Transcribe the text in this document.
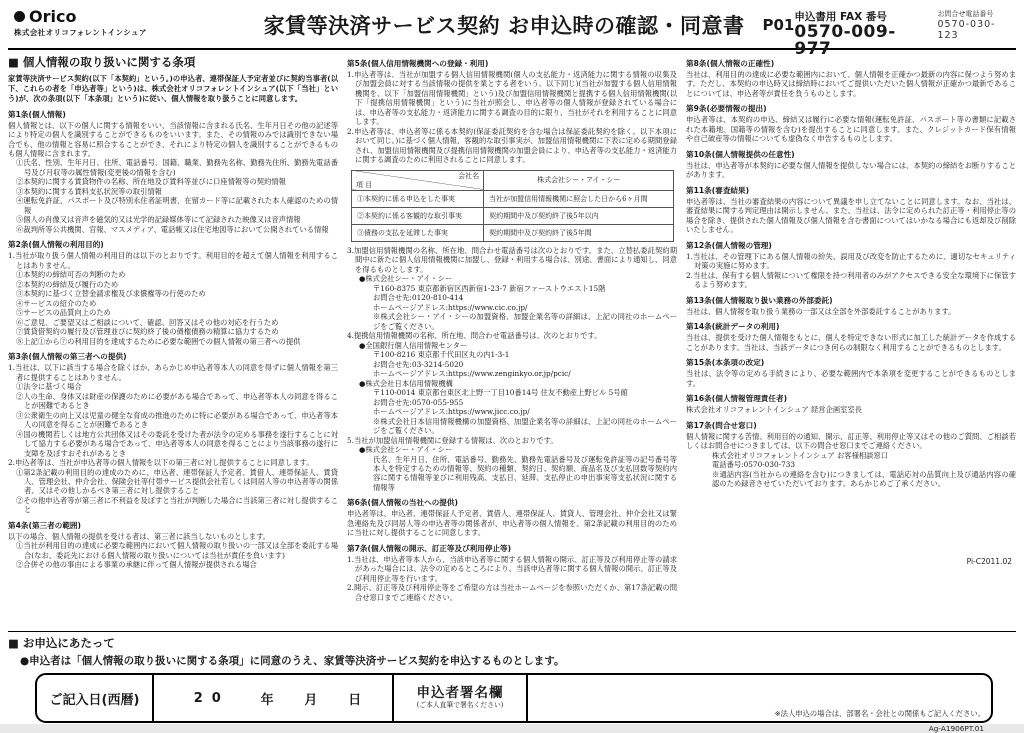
Orico
株式会社オリコフォレントインシュア	家賃等決済サービス契約 お申込時の確認・同意書 P01 申込書用 FAX 番号
0570-009-977
お問合せ電話番号
0570-030-123
■ 個人情報の取り扱いに関する条項

家賃等決済サービス契約(以下「本契約」という。)の申込者、連帯保証人予定者並びに契約当事者(以下、これらの者を「申込者等」という)は、株式会社オリコフォレントインシュア(以下「当社」という)が、次の条項(以下「本条項」という)に従い、個人情報を取り扱うことに同意します。

第1条(個人情報)

個人情報とは、以下の個人に関する情報をいい、当該情報に含まれる氏名、生年月日その他の記述等により特定の個人を識別することができるものをいいます。また、その情報のみでは識別できない場合でも、他の情報と容易に照合することができ、それにより特定の個人を識別することができるものも個人情報に含まれます。

①氏名、性別、生年月日、住所、電話番号、国籍、職業、勤務先名称、勤務先住所、勤務先電話番号及び月収等の属性情報(変更後の情報を含む)

②本契約に関する賃貸物件の名称、所在地及び賃料等並びに口座情報等の契約情報

③本契約に関する賃料支払状況等の取引情報

④運転免許証、パスポート及び特別永住者証明書、在留カード等に記載された本人確認のための情報

⑤個人の肖像又は音声を磁気的又は光学的記録媒体等にて記録された映像又は音声情報

⑥裁判所等公共機関、官報、マスメディア、電話帳又は住宅地図等において公開されている情報

第2条(個人情報の利用目的)

1.当社が取り扱う個人情報の利用目的は以下のとおりです。利用目的を超えて個人情報を利用することはありません。

①本契約の締結可否の判断のため

②本契約の締結及び履行のため

③本契約に基づく立替金請求権及び求償権等の行使のため

④サービスの紹介のため

⑤サービスの品質向上のため

⑥ご意見、ご要望又はご相談について、確認、回答又はその他の対応を行うため

⑦賃貸借契約の履行及び管理並びに契約終了後の債権債務の精算に協力するため

⑧上記①から⑦の利用目的を達成するために必要な範囲での個人情報の第三者への提供

第3条(個人情報の第三者への提供)

1.当社は、以下に該当する場合を除くほか、あらかじめ申込者等本人の同意を得ずに個人情報を第三者に提供することはありません。

①法令に基づく場合

②人の生命、身体又は財産の保護のために必要がある場合であって、申込者等本人の同意を得ることが困難であるとき

③公衆衛生の向上又は児童の健全な育成の推進のために特に必要がある場合であって、申込者等本人の同意を得ることが困難であるとき

④国の機関若しくは地方公共団体又はその委託を受けた者が法令の定める事務を遂行することに対して協力する必要がある場合であって、申込者等本人の同意を得ることにより当該事務の遂行に支障を及ぼすおそれがあるとき

2.申込者等は、当社が申込者等の個人情報を以下の第三者に対し提供することに同意します。

①第2条記載の利用目的の達成のために、申込者、連帯保証人予定者、賃借人、連帯保証人、賃貸人、管理会社、仲介会社、保険会社等付帯サービス提供会社若しくは同居人等の申込者等の関係者、又はその他しかるべき第三者に対し提供すること

②その他申込者等が第三者に不利益を及ぼすと当社が判断した場合に当該第三者に対し提供すること

第4条(第三者の範囲)

以下の場合、個人情報の提供を受ける者は、第三者に該当しないものとします。

①当社が利用目的の達成に必要な範囲内において個人情報の取り扱いの一部又は全部を委託する場合(なお、委託先における個人情報の取り扱いについては当社が責任を負います)

②合併その他の事由による事業の承継に伴って個人情報が提供される場合

第5条(個人信用情報機関への登録・利用)

1.申込者等は、当社が加盟する個人信用情報機関(個人の支払能力・返済能力に関する情報の収集及び加盟会員に対する当該情報の提供を業とする者をいう。以下同じ)(当社が加盟する個人信用情報機関を、以下「加盟信用情報機関」という)及び加盟信用情報機関と提携する個人信用情報機関(以下「提携信用情報機関」という)に当社が照会し、申込者等の個人情報が登録されている場合には、申込者等の支払能力・返済能力に関する調査の目的に限り、当社がそれを利用することに同意します。

2.申込者等は、申込者等に係る本契約(保証委託契約を含む場合は保証委託契約を除く。以下本項において同じ。)に基づく個人情報、客観的な取引事実が、加盟信用情報機関に下表に定める期間登録され、加盟信用情報機関及び提携信用情報機関の加盟会員により、申込者等の支払能力・返済能力に関する調査のために利用されることに同意します。

会社名
項 目	株式会社シー・アイ・シー
①本契約に係る申込をした事実	当社が加盟信用情報機関に照会した日から6ヶ月間
②本契約に係る客観的な取引事実	契約期間中及び契約終了後5年以内
③債務の支払を延滞した事実	契約期間中及び契約終了後5年間

3.加盟信用情報機関の名称、所在地、問合わせ電話番号は次のとおりです。また、立替払委託契約期間中に新たに個人信用情報機関に加盟し、登録・利用する場合は、別途、書面により通知し、同意を得るものとします。

●株式会社シー・アイ・シー

〒160-8375 東京都新宿区西新宿1-23-7 新宿ファーストウエスト15階

お問合せ先:0120-810-414

ホームページアドレス:https://www.cic.co.jp/

※株式会社シー・アイ・シーの加盟資格、加盟企業名等の詳細は、上記の同社のホームページをご覧ください。

4.提携信用情報機関の名称、所在地、問合わせ電話番号は、次のとおりです。

●全国銀行個人信用情報センター

〒100-8216 東京都千代田区丸の内1-3-1

お問合せ先:03-3214-5020

ホームページアドレス:https://www.zenginkyo.or.jp/pcic/

●株式会社日本信用情報機構

〒110-0014 東京都台東区北上野一丁目10番14号 住友不動産上野ビル 5号館

お問合せ先:0570-055-955

ホームページアドレス:https://www.jicc.co.jp/

※株式会社日本信用情報機構の加盟資格、加盟企業名等の詳細は、上記の同社のホームページをご覧ください。

5.当社が加盟信用情報機関に登録する情報は、次のとおりです。

●株式会社シー・アイ・シー

氏名、生年月日、住所、電話番号、勤務先、勤務先電話番号及び運転免許証等の記号番号等本人を特定するための情報等、契約の種類、契約日、契約額、商品名及び支払回数等契約内容に関する情報等並びに利用残高、支払日、延滞、支払停止の申出事実等支払状況に関する情報等

第6条(個人情報の当社への提供)

申込者等は、申込者、連帯保証人予定者、賃借人、連帯保証人、賃貸人、管理会社、仲介会社又は緊急連絡先及び同居人等の申込者等の関係者が、申込者等の個人情報を、第2条記載の利用目的のために当社に対し提供することに同意します。

第7条(個人情報の開示、訂正等及び利用停止等)

1.当社は、申込者等本人から、当該申込者等に関する個人情報の開示、訂正等及び利用停止等の請求があった場合には、法令の定めるところにより、当該申込者等に関する個人情報の開示、訂正等及び利用停止等を行います。

2.開示、訂正等及び利用停止等をご希望の方は当社ホームページを参照いただくか、第17条記載の問合せ窓口までご連絡ください。

第8条(個人情報の正確性)

当社は、利用目的の達成に必要な範囲内において、個人情報を正確かつ最新の内容に保つよう努めます。ただし、本契約の申込時又は締結時においてご提供いただいた個人情報が正確かつ最新であることについては、申込者等が責任を負うものとします。

第9条(必要情報の提出)

申込者等は、本契約の申込、締結又は履行に必要な情報(運転免許証、パスポート等の書類に記載された本籍地、国籍等の情報を含む)を提出することに同意します。また、クレジットカード保有情報や自己破産等の情報についても虚偽なく申告するものとします。

第10条(個人情報提供の任意性)

当社は、申込者等が本契約に必要な個人情報を提供しない場合には、本契約の締結をお断りすることがあります。

第11条(審査結果)

申込者等は、当社の審査結果の内容について異議を申し立てないことに同意します。なお、当社は、審査結果に関する判定理由は開示しません。また、当社は、法令に定められた訂正等・利用停止等の場合を除き、提供された個人情報及び個人情報を含む書面についてはいかなる場合にも返却及び削除いたしません。

第12条(個人情報の管理)

1.当社は、その管理下にある個人情報の紛失、誤用及び改変を防止するために、適切なセキュリティ対策の実施に努めます。

2.当社は、保有する個人情報について権限を持つ利用者のみがアクセスできる安全な環境下に保管するよう努めます。

第13条(個人情報取り扱い業務の外部委託)

当社は、個人情報を取り扱う業務の一部又は全部を外部委託することがあります。

第14条(統計データの利用)

当社は、提供を受けた個人情報をもとに、個人を特定できない形式に加工した統計データを作成することがあります。当社は、当該データにつき何らの制限なく利用することができるものとします。

第15条(本条項の改定)

当社は、法令等の定める手続きにより、必要な範囲内で本条項を変更することができるものとします。

第16条(個人情報管理責任者)

株式会社オリコフォレントインシュア 経営企画室室長

第17条(問合せ窓口)

個人情報に関する苦情、利用目的の通知、開示、訂正等、利用停止等又はその他のご質問、ご相談若しくはお問合せにつきましては、以下の問合せ窓口までご連絡ください。

株式会社オリコフォレントインシュア お客様相談窓口

電話番号:0570-030-733

※通話内容(当社からの連絡を含む)につきましては、電話応対の品質向上及び通話内容の確認のため録音させていただいております。あらかじめご了承ください。

Pi-C2011.02
■ お申込にあたって
●申込者は「個人情報の取り扱いに関する条項」に同意のうえ、家賃等決済サービス契約を申込するものとします。
ご記入日(西暦)	20 年 月 日	申込者署名欄
(ご本人直筆で署名ください)
※法人申込の場合は、部署名・会社との関係もご記入ください。
Ag-A1906PT.01
